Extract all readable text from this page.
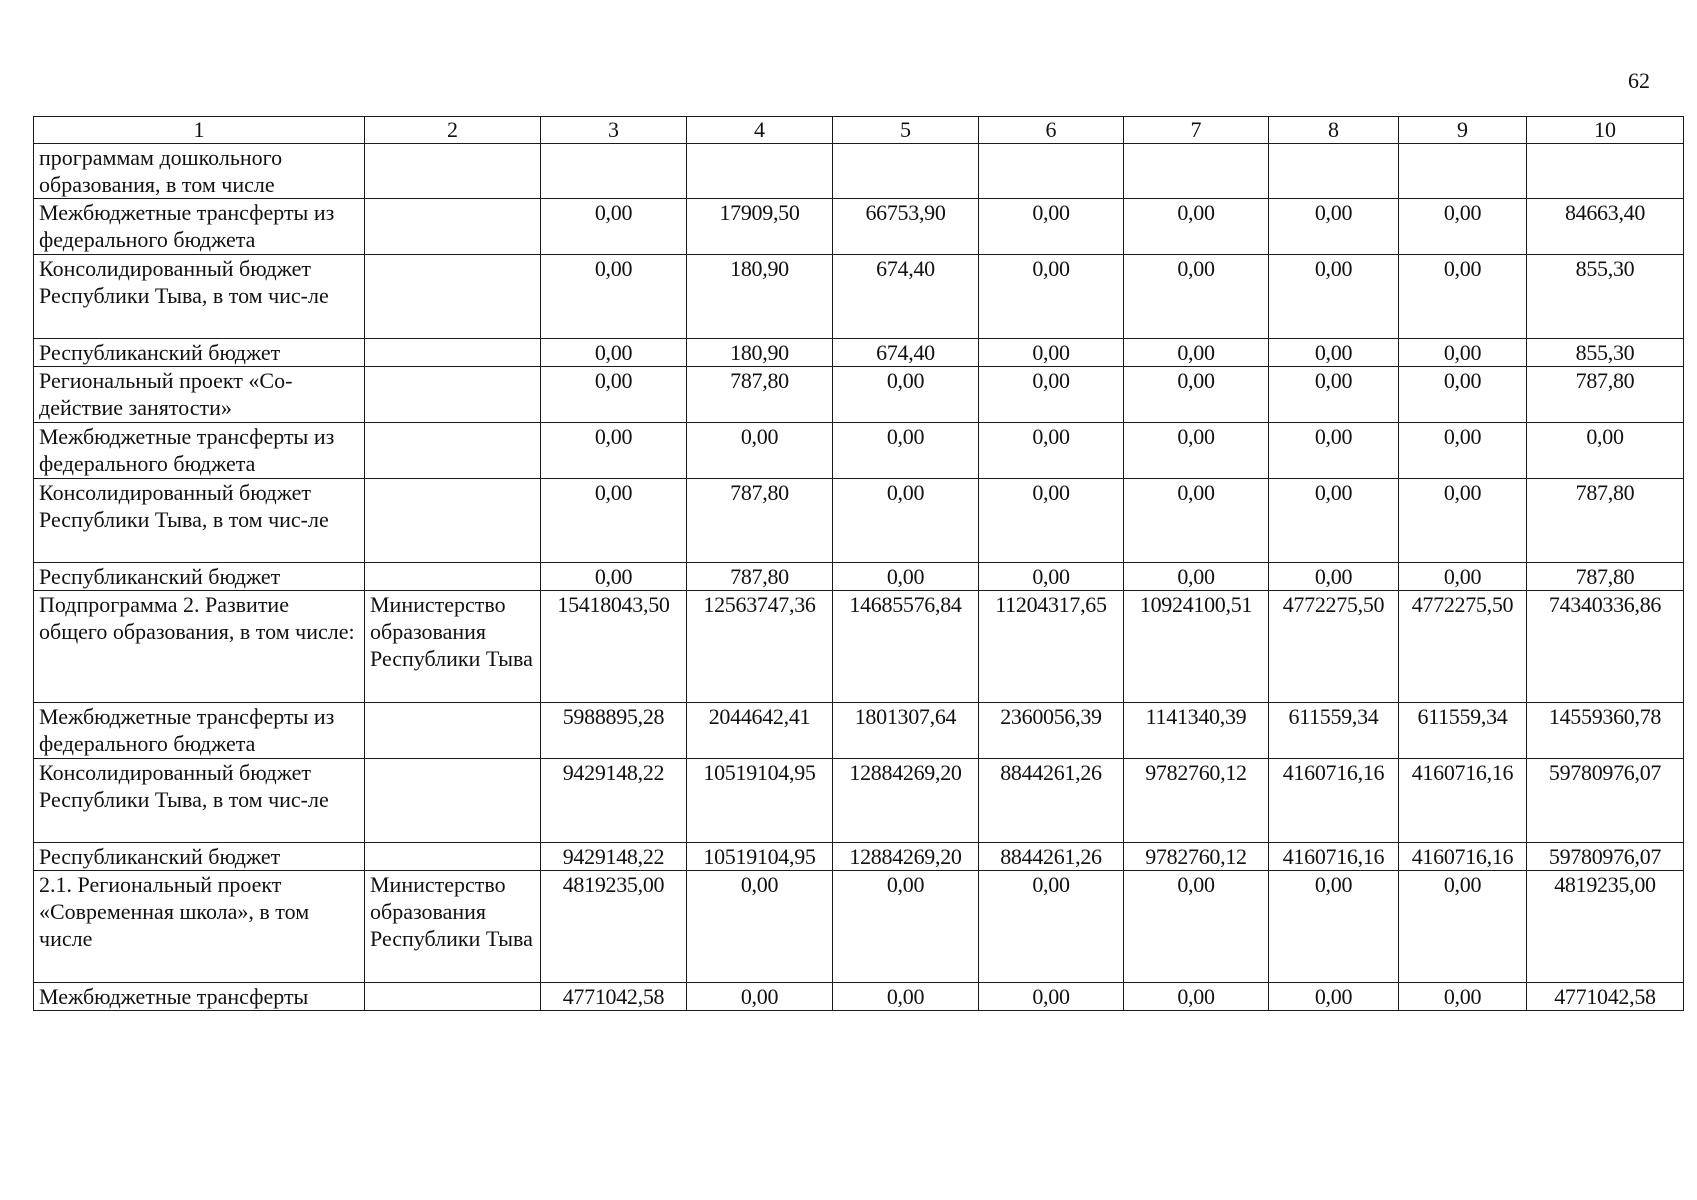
62
1	2	3	4	5	6	7	8	9	10
программам дошкольного образования, в том числе									
Межбюджетные трансферты из федерального бюджета		0,00	17909,50	66753,90	0,00	0,00	0,00	0,00	84663,40
Консолидированный бюджет Республики Тыва, в том чис-ле		0,00	180,90	674,40	0,00	0,00	0,00	0,00	855,30
Республиканский бюджет		0,00	180,90	674,40	0,00	0,00	0,00	0,00	855,30
Региональный проект «Со-действие занятости»		0,00	787,80	0,00	0,00	0,00	0,00	0,00	787,80
Межбюджетные трансферты из федерального бюджета		0,00	0,00	0,00	0,00	0,00	0,00	0,00	0,00
Консолидированный бюджет Республики Тыва, в том чис-ле		0,00	787,80	0,00	0,00	0,00	0,00	0,00	787,80
Республиканский бюджет		0,00	787,80	0,00	0,00	0,00	0,00	0,00	787,80
Подпрограмма 2. Развитие общего образования, в том числе:	Министерство образования Республики Тыва	15418043,50	12563747,36	14685576,84	11204317,65	10924100,51	4772275,50	4772275,50	74340336,86
Межбюджетные трансферты из федерального бюджета		5988895,28	2044642,41	1801307,64	2360056,39	1141340,39	611559,34	611559,34	14559360,78
Консолидированный бюджет Республики Тыва, в том чис-ле		9429148,22	10519104,95	12884269,20	8844261,26	9782760,12	4160716,16	4160716,16	59780976,07
Республиканский бюджет		9429148,22	10519104,95	12884269,20	8844261,26	9782760,12	4160716,16	4160716,16	59780976,07
2.1. Региональный проект «Современная школа», в том числе	Министерство образования Республики Тыва	4819235,00	0,00	0,00	0,00	0,00	0,00	0,00	4819235,00
Межбюджетные трансферты		4771042,58	0,00	0,00	0,00	0,00	0,00	0,00	4771042,58
